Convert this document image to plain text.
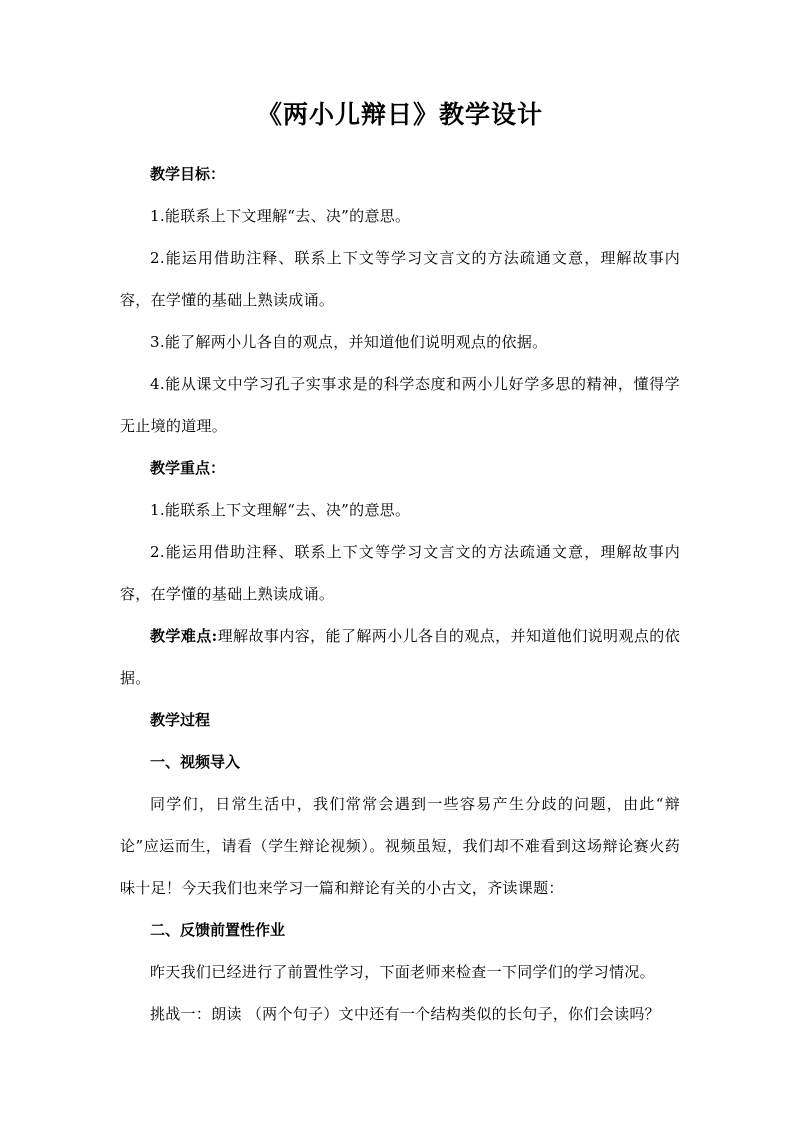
《两小儿辩日》教学设计
教学目标：

1.能联系上下文理解“去、决”的意思。

2.能运用借助注释、联系上下文等学习文言文的方法疏通文意，理解故事内容，在学懂的基础上熟读成诵。

3.能了解两小儿各自的观点，并知道他们说明观点的依据。

4.能从课文中学习孔子实事求是的科学态度和两小儿好学多思的精神，懂得学无止境的道理。

教学重点：

1.能联系上下文理解“去、决”的意思。

2.能运用借助注释、联系上下文等学习文言文的方法疏通文意，理解故事内容，在学懂的基础上熟读成诵。

教学难点:理解故事内容，能了解两小儿各自的观点，并知道他们说明观点的依据。

教学过程
一、视频导入

同学们，日常生活中，我们常常会遇到一些容易产生分歧的问题，由此“辩论”应运而生，请看（学生辩论视频）。视频虽短，我们却不难看到这场辩论赛火药味十足！今天我们也来学习一篇和辩论有关的小古文，齐读课题：

二、反馈前置性作业

昨天我们已经进行了前置性学习，下面老师来检查一下同学们的学习情况。

挑战一：朗读 （两个句子）文中还有一个结构类似的长句子，你们会读吗？
